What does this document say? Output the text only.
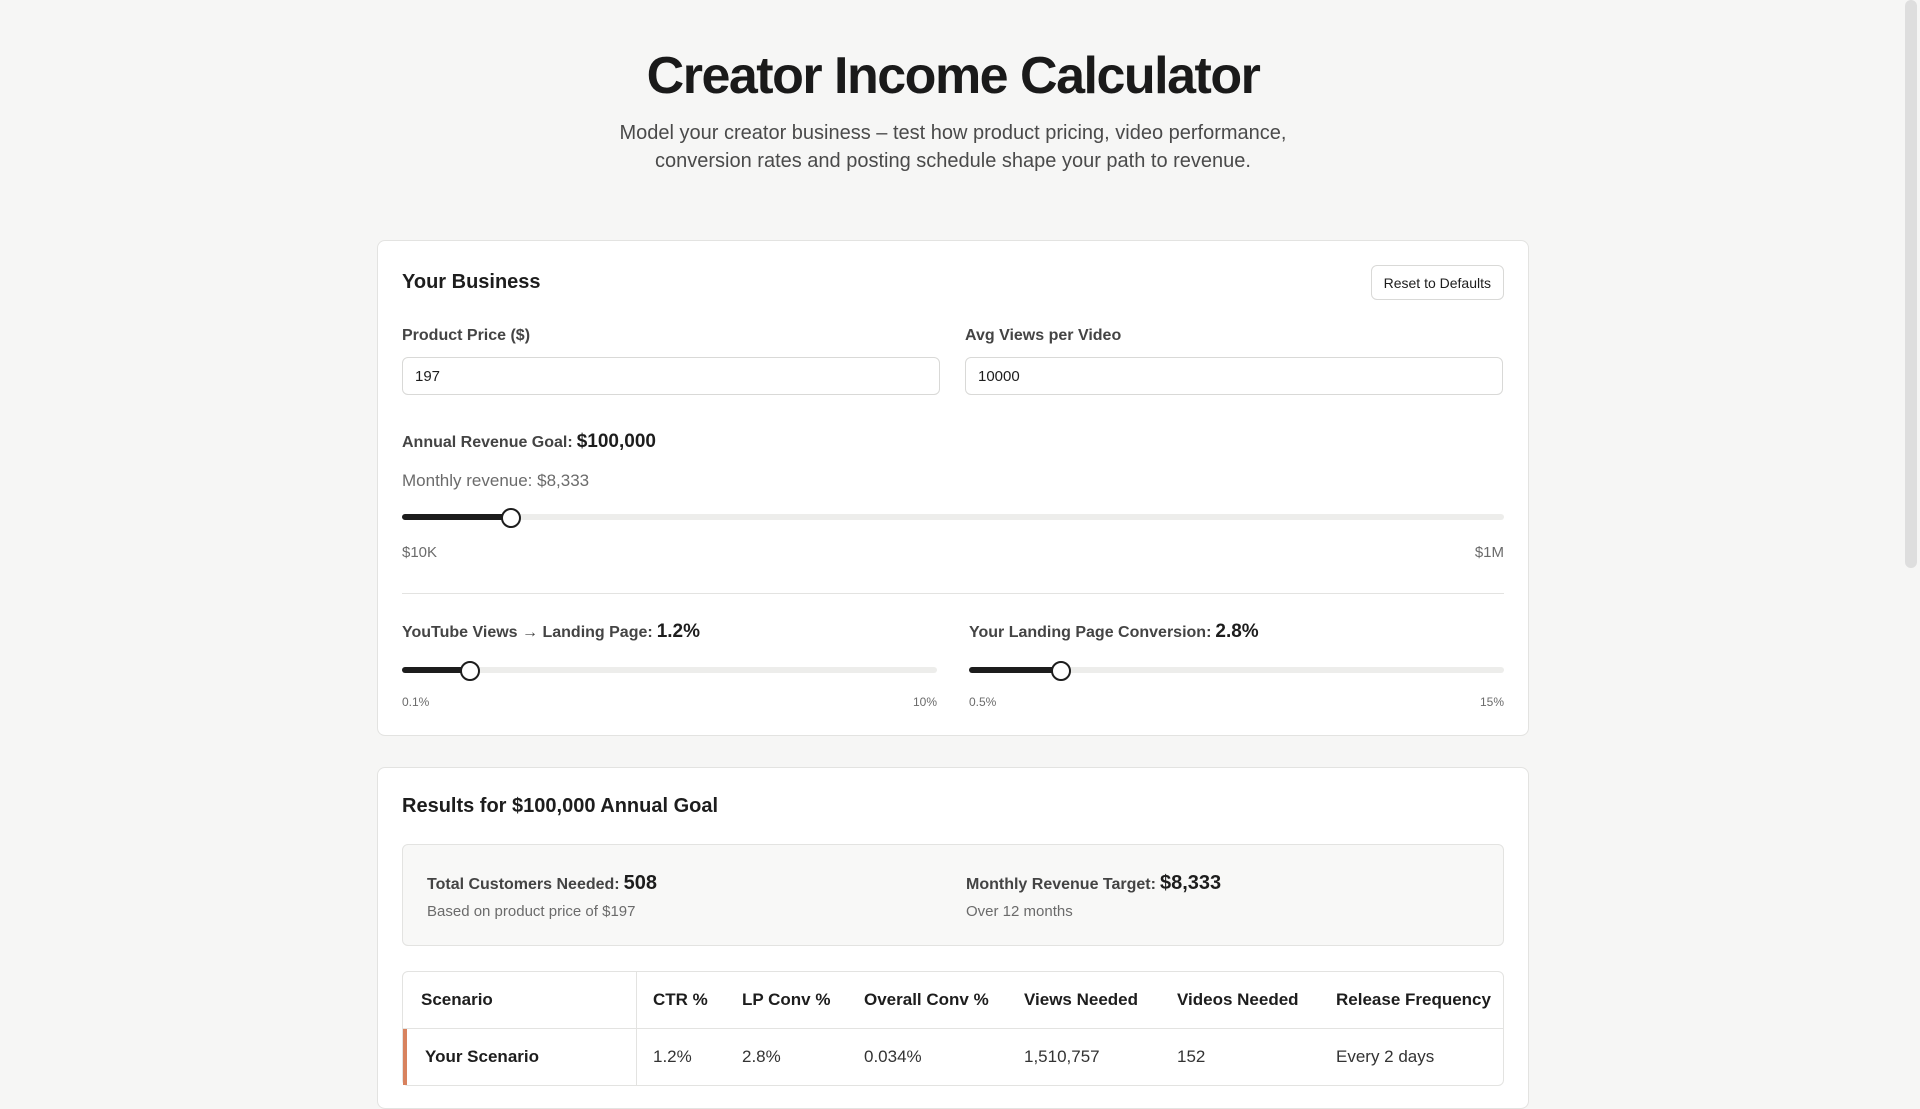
Creator Income Calculator
Model your creator business – test how product pricing, video performance, conversion rates and posting schedule shape your path to revenue.
Your Business	Reset to Defaults
Product Price ($)
197	Avg Views per Video
10000
Annual Revenue Goal: $100,000
Monthly revenue: $8,333
$10K	$1M
YouTube Views → Landing Page: 1.2%
0.1%	10%
Your Landing Page Conversion: 2.8%
0.5%	15%
Results for $100,000 Annual Goal
Total Customers Needed: 508
Based on product price of $197
Monthly Revenue Target: $8,333
Over 12 months
Scenario	CTR %	LP Conv %	Overall Conv %	Views Needed	Videos Needed	Release Frequency
Your Scenario	1.2%	2.8%	0.034%	1,510,757	152	Every 2 days
